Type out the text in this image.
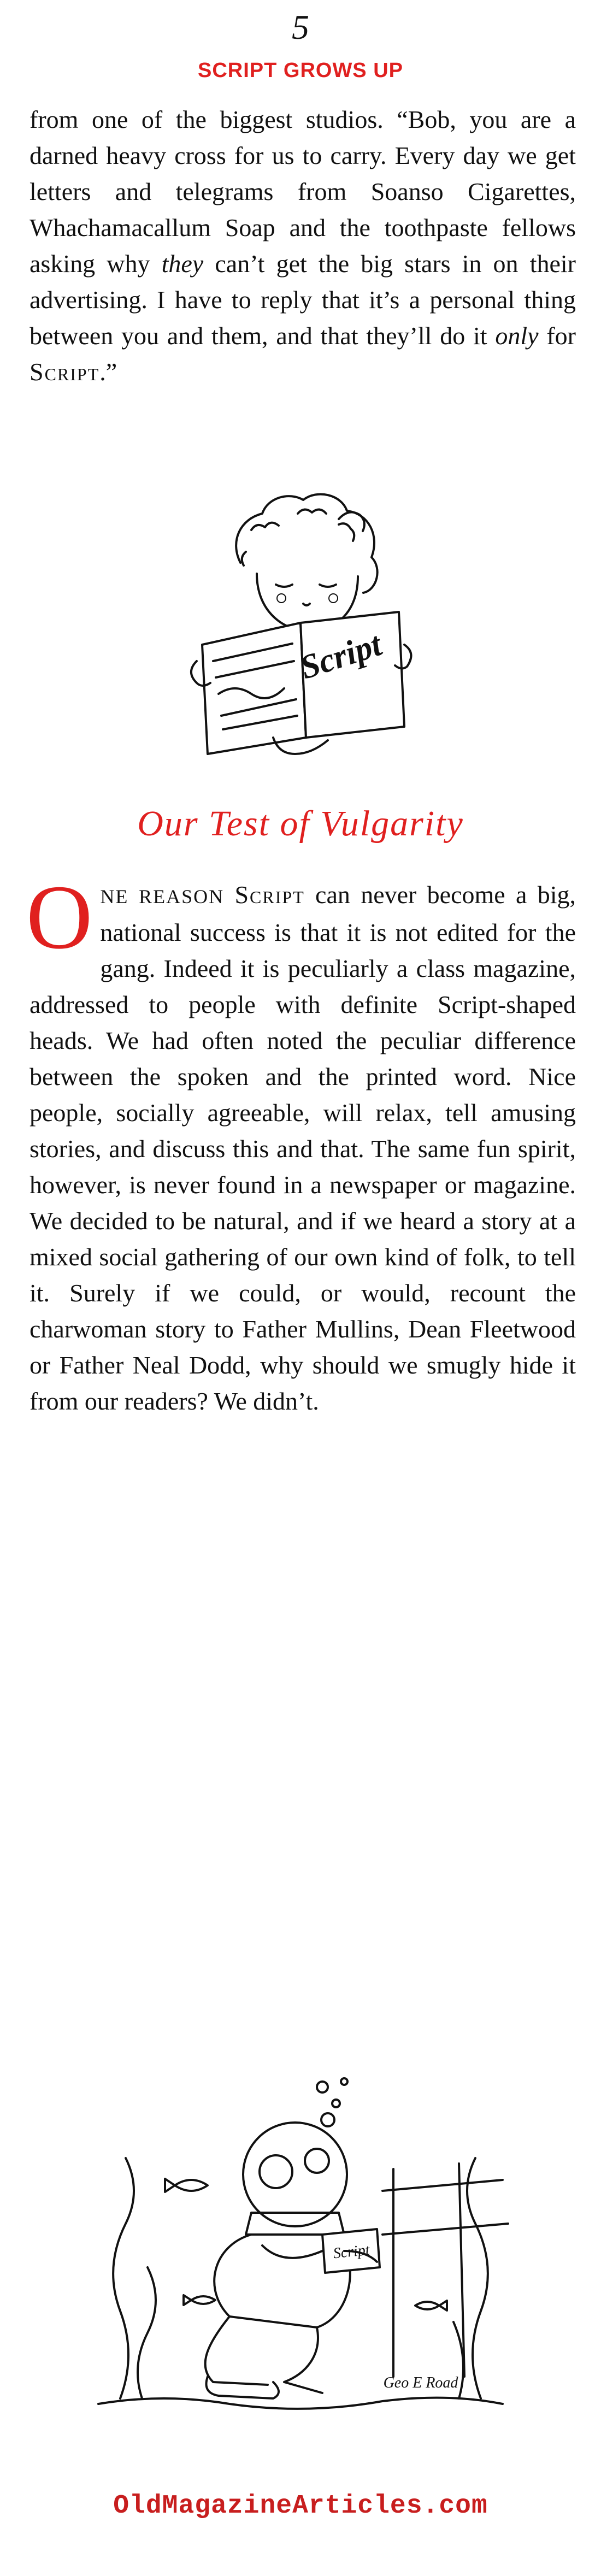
5
SCRIPT GROWS UP

from one of the biggest studios. “Bob, you are a darned heavy cross for us to carry. Every day we get letters and telegrams from Soanso Cigarettes, Whachamacallum Soap and the toothpaste fellows asking why they can’t get the big stars in on their advertising. I have to reply that it’s a personal thing between you and them, and that they’ll do it only for Script.”

Script
Our Test of Vulgarity

ONE REASON Script can never become a big, national success is that it is not edited for the gang. Indeed it is peculiarly a class magazine, addressed to people with definite Script-shaped heads. We had often noted the peculiar difference between the spoken and the printed word. Nice people, socially agreeable, will relax, tell amusing stories, and discuss this and that. The same fun spirit, however, is never found in a newspaper or magazine. We decided to be natural, and if we heard a story at a mixed social gathering of our own kind of folk, to tell it. Surely if we could, or would, recount the charwoman story to Father Mullins, Dean Fleetwood or Father Neal Dodd, why should we smugly hide it from our readers? We didn’t.

Script
Geo E Road
OldMagazineArticles.com
